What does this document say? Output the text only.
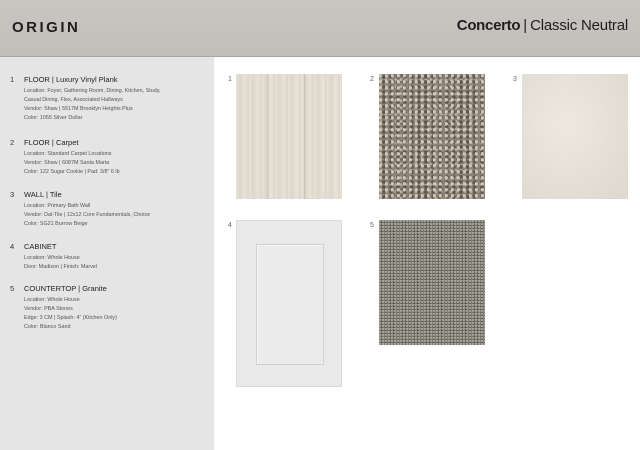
ORIGIN	Concerto | Classic Neutral
1 FLOOR | Luxury Vinyl Plank
Location: Foyer, Gathering Room, Dining, Kitchen, Study,
Casual Dining, Flex, Associated Hallways
Vendor: Shaw | 5517M Brooklyn Heights Plus
Color: 1055 Silver Dollar
2 FLOOR | Carpet
Location: Standard Carpet Locations
Vendor: Shaw | 6087M Santa Marta
Color: 122 Sugar Cookie | Pad: 3/8" 6 lb
3 WALL | Tile
Location: Primary Bath Wall
Vendor: Dal-Tile | 12x12 Core Fundamentals, Choice
Color: SG21 Burrow Beige
4 CABINET
Location: Whole House
Door: Madison | Finish: Marvel
5 COUNTERTOP | Granite
Location: Whole House
Vendor: PBA Stones
Edge: 3 CM | Splash: 4" (Kitchen Only)
Color: Blanco Sand
1	2	3
4	5
